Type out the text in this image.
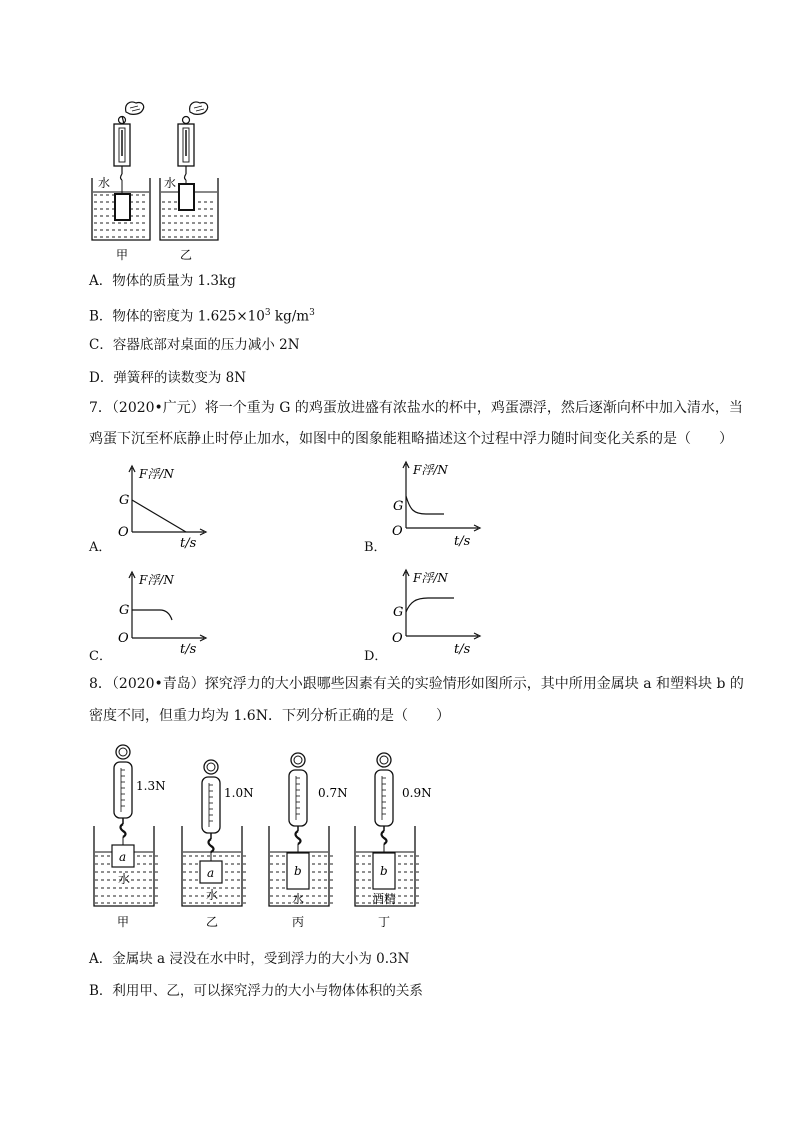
水	水
甲	乙
A．物体的质量为 1.3kg
B．物体的密度为 $1.625\times 10^3$ $kg/m^3$
C．容器底部对桌面的压力减小 2N
D．弹簧秤的读数变为 8N
7．（2020•广元）将一个重为 G 的鸡蛋放进盛有浓盐水的杯中，鸡蛋漂浮，然后逐渐向杯中加入清水，当
鸡蛋下沉至杯底静止时停止加水，如图中的图象能粗略描述这个过程中浮力随时间变化关系的是（　　）
A．
F浮/N
G
O
t/s	B．
F浮/N
G
O
t/s
C．
F浮/N
G
O
t/s	D．
F浮/N
G
O
t/s
8．（2020•青岛）探究浮力的大小跟哪些因素有关的实验情形如图所示，其中所用金属块 a 和塑料块 b 的
密度不同，但重力均为 1.6N．下列分析正确的是（　　）
a
1.3N
水
甲
a
1.0N
水
乙
b
0.7N
水
丙
b
0.9N
酒精
丁
A．金属块 a 浸没在水中时，受到浮力的大小为 0.3N
B．利用甲、乙，可以探究浮力的大小与物体体积的关系
